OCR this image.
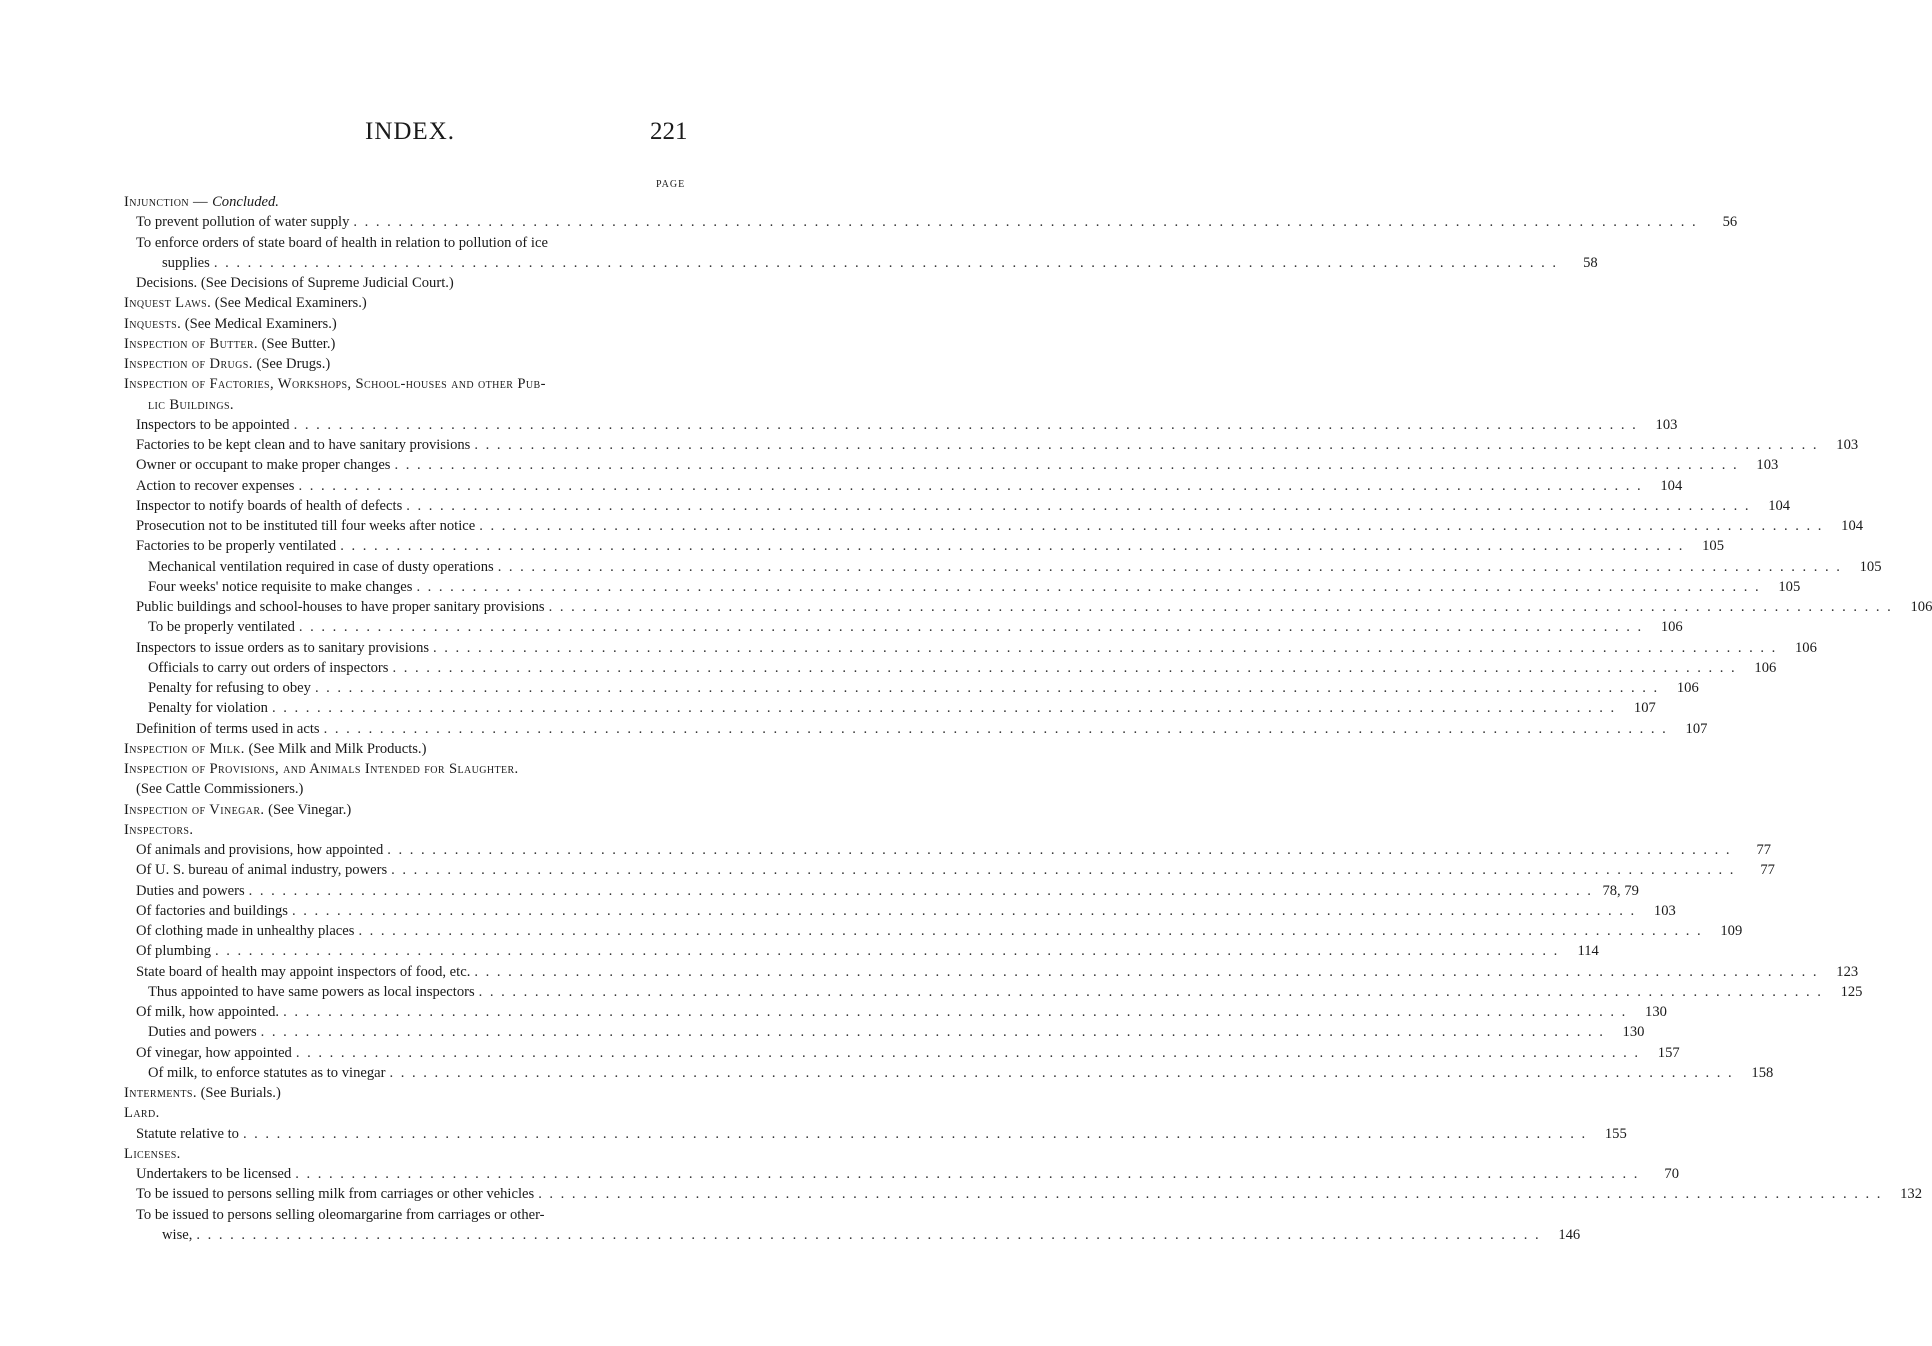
INDEX.	221
PAGE
Injunction — Concluded.
To prevent pollution of water supply ........................................................................................................................	56
To enforce orders of state board of health in relation to pollution of ice
supplies ........................................................................................................................	58
Decisions. (See Decisions of Supreme Judicial Court.)
Inquest Laws. (See Medical Examiners.)
Inquests. (See Medical Examiners.)
Inspection of Butter. (See Butter.)
Inspection of Drugs. (See Drugs.)
Inspection of Factories, Workshops, School-houses and other Pub-
lic Buildings.
Inspectors to be appointed ........................................................................................................................ 103
Factories to be kept clean and to have sanitary provisions ........................................................................................................................ 103
Owner or occupant to make proper changes ........................................................................................................................ 103
Action to recover expenses ........................................................................................................................ 104
Inspector to notify boards of health of defects ........................................................................................................................ 104
Prosecution not to be instituted till four weeks after notice ........................................................................................................................ 104
Factories to be properly ventilated ........................................................................................................................ 105
Mechanical ventilation required in case of dusty operations ........................................................................................................................ 105
Four weeks' notice requisite to make changes ........................................................................................................................ 105
Public buildings and school-houses to have proper sanitary provisions ........................................................................................................................ 106
To be properly ventilated ........................................................................................................................ 106
Inspectors to issue orders as to sanitary provisions ........................................................................................................................ 106
Officials to carry out orders of inspectors ........................................................................................................................ 106
Penalty for refusing to obey ........................................................................................................................ 106
Penalty for violation ........................................................................................................................ 107
Definition of terms used in acts ........................................................................................................................ 107
Inspection of Milk. (See Milk and Milk Products.)
Inspection of Provisions, and Animals Intended for Slaughter.
(See Cattle Commissioners.)
Inspection of Vinegar. (See Vinegar.)
Inspectors.
Of animals and provisions, how appointed ........................................................................................................................	77
Of U. S. bureau of animal industry, powers ........................................................................................................................	77
Duties and powers ........................................................................................................................ 78, 79
Of factories and buildings ........................................................................................................................ 103
Of clothing made in unhealthy places ........................................................................................................................ 109
Of plumbing ........................................................................................................................ 114
State board of health may appoint inspectors of food, etc. ........................................................................................................................ 123
Thus appointed to have same powers as local inspectors ........................................................................................................................ 125
Of milk, how appointed. ........................................................................................................................ 130
Duties and powers ........................................................................................................................ 130
Of vinegar, how appointed ........................................................................................................................ 157
Of milk, to enforce statutes as to vinegar ........................................................................................................................ 158
Interments. (See Burials.)
Lard.
Statute relative to ........................................................................................................................ 155
Licenses.
Undertakers to be licensed ........................................................................................................................	70
To be issued to persons selling milk from carriages or other vehicles ........................................................................................................................ 132
To be issued to persons selling oleomargarine from carriages or other-
wise, ........................................................................................................................ 146
